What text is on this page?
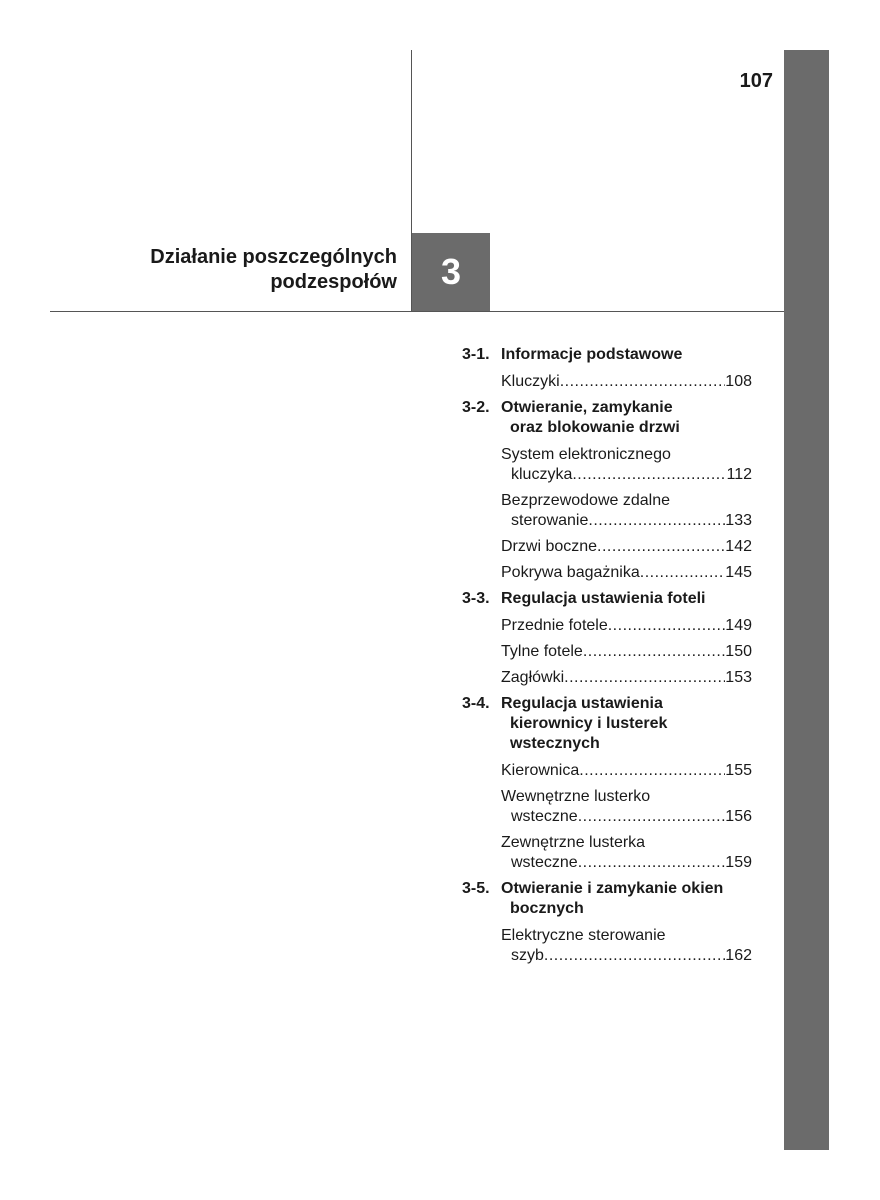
107
Działanie poszczególnych
podzespołów	3
3-1. Informacje podstawowe
Kluczyki .....	108
3-2. Otwieranie, zamykanie
oraz blokowanie drzwi
System elektronicznego
kluczyka .....	112
Bezprzewodowe zdalne
sterowanie .....	133
Drzwi boczne .....	142
Pokrywa bagażnika .....	145
3-3. Regulacja ustawienia foteli
Przednie fotele .....	149
Tylne fotele .....	150
Zagłówki .....	153
3-4. Regulacja ustawienia
kierownicy i lusterek
wstecznych
Kierownica .....	155
Wewnętrzne lusterko
wsteczne .....	156
Zewnętrzne lusterka
wsteczne .....	159
3-5. Otwieranie i zamykanie okien
bocznych
Elektryczne sterowanie
szyb .....	162
